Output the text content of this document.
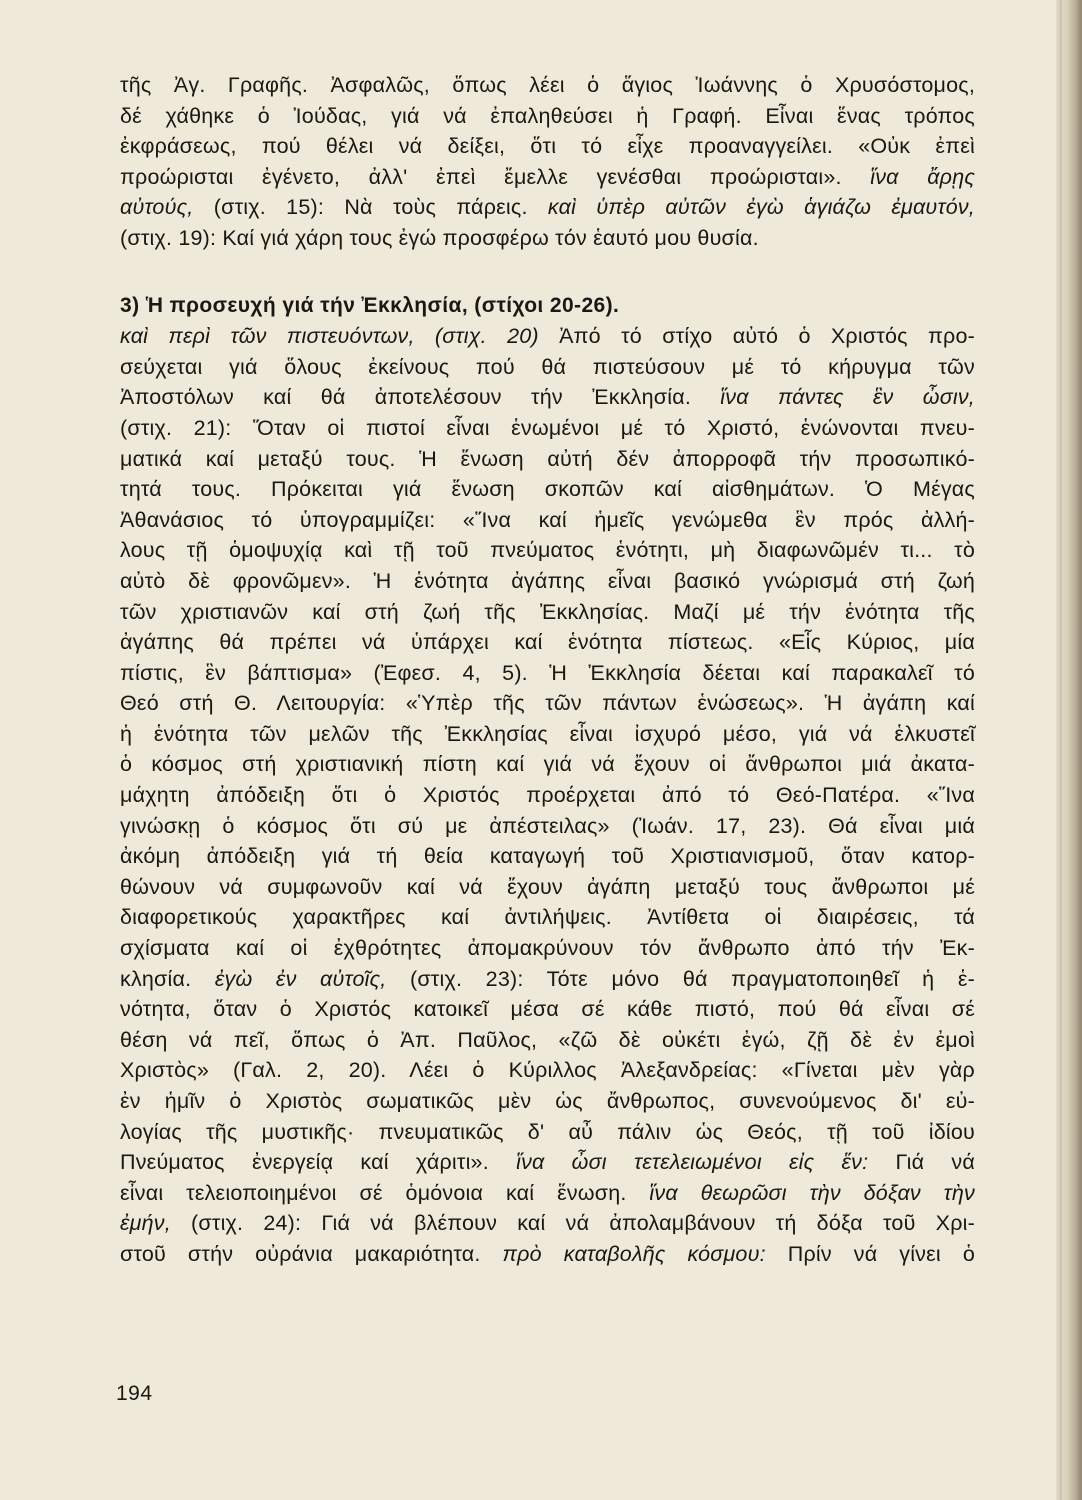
τῆς Ἀγ. Γραφῆς. Ἀσφαλῶς, ὅπως λέει ὁ ἅγιος Ἰωάννης ὁ Χρυσόστομος,
δέ χάθηκε ὁ Ἰούδας, γιά νά ἐπαληθεύσει ἡ Γραφή. Εἶναι ἕνας τρόπος
ἐκφράσεως, πού θέλει νά δείξει, ὅτι τό εἶχε προαναγγείλει. «Οὐκ ἐπεὶ
προώρισται ἐγένετο, ἀλλ' ἐπεὶ ἔμελλε γενέσθαι προώρισται». ἵνα ἄρῃς
αὐτούς, (στιχ. 15): Νὰ τοὺς πάρεις. καὶ ὑπὲρ αὐτῶν ἐγὼ ἁγιάζω ἐμαυτόν,
(στιχ. 19): Καί γιά χάρη τους ἐγώ προσφέρω τόν ἑαυτό μου θυσία.
3) Ἡ προσευχή γιά τήν Ἐκκλησία, (στίχοι 20-26).
καὶ περὶ τῶν πιστευόντων, (στιχ. 20) Ἀπό τό στίχο αὐτό ὁ Χριστός προ-
σεύχεται γιά ὅλους ἐκείνους πού θά πιστεύσουν μέ τό κήρυγμα τῶν
Ἀποστόλων καί θά ἀποτελέσουν τήν Ἐκκλησία. ἵνα πάντες ἓν ὦσιν,
(στιχ. 21): Ὅταν οἱ πιστοί εἶναι ἑνωμένοι μέ τό Χριστό, ἑνώνονται πνευ-
ματικά καί μεταξύ τους. Ἡ ἕνωση αὐτή δέν ἀπορροφᾶ τήν προσωπικό-
τητά τους. Πρόκειται γιά ἕνωση σκοπῶν καί αἰσθημάτων. Ὁ Μέγας
Ἀθανάσιος τό ὑπογραμμίζει: «Ἵνα καί ἡμεῖς γενώμεθα ἓν πρός ἀλλή-
λους τῇ ὁμοψυχίᾳ καὶ τῇ τοῦ πνεύματος ἑνότητι, μὴ διαφωνῶμέν τι... τὸ
αὐτὸ δὲ φρονῶμεν». Ἡ ἑνότητα ἀγάπης εἶναι βασικό γνώρισμά στή ζωή
τῶν χριστιανῶν καί στή ζωή τῆς Ἐκκλησίας. Μαζί μέ τήν ἑνότητα τῆς
ἀγάπης θά πρέπει νά ὑπάρχει καί ἑνότητα πίστεως. «Εἷς Κύριος, μία
πίστις, ἓν βάπτισμα» (Ἐφεσ. 4, 5). Ἡ Ἐκκλησία δέεται καί παρακαλεῖ τό
Θεό στή Θ. Λειτουργία: «Ὑπὲρ τῆς τῶν πάντων ἑνώσεως». Ἡ ἀγάπη καί
ἡ ἑνότητα τῶν μελῶν τῆς Ἐκκλησίας εἶναι ἰσχυρό μέσο, γιά νά ἑλκυστεῖ
ὁ κόσμος στή χριστιανική πίστη καί γιά νά ἔχουν οἱ ἄνθρωποι μιά ἀκατα-
μάχητη ἀπόδειξη ὅτι ὁ Χριστός προέρχεται ἀπό τό Θεό-Πατέρα. «Ἵνα
γινώσκῃ ὁ κόσμος ὅτι σύ με ἀπέστειλας» (Ἰωάν. 17, 23). Θά εἶναι μιά
ἀκόμη ἀπόδειξη γιά τή θεία καταγωγή τοῦ Χριστιανισμοῦ, ὅταν κατορ-
θώνουν νά συμφωνοῦν καί νά ἔχουν ἀγάπη μεταξύ τους ἄνθρωποι μέ
διαφορετικούς χαρακτῆρες καί ἀντιλήψεις. Ἀντίθετα οἱ διαιρέσεις, τά
σχίσματα καί οἱ ἐχθρότητες ἀπομακρύνουν τόν ἄνθρωπο ἀπό τήν Ἐκ-
κλησία. ἐγὼ ἐν αὐτοῖς, (στιχ. 23): Τότε μόνο θά πραγματοποιηθεῖ ἡ ἑ-
νότητα, ὅταν ὁ Χριστός κατοικεῖ μέσα σέ κάθε πιστό, πού θά εἶναι σέ
θέση νά πεῖ, ὅπως ὁ Ἀπ. Παῦλος, «ζῶ δὲ οὐκέτι ἐγώ, ζῇ δὲ ἐν ἐμοὶ
Χριστὸς» (Γαλ. 2, 20). Λέει ὁ Κύριλλος Ἀλεξανδρείας: «Γίνεται μὲν γὰρ
ἐν ἡμῖν ὁ Χριστὸς σωματικῶς μὲν ὡς ἄνθρωπος, συνενούμενος δι' εὐ-
λογίας τῆς μυστικῆς· πνευματικῶς δ' αὖ πάλιν ὡς Θεός, τῇ τοῦ ἰδίου
Πνεύματος ἐνεργείᾳ καί χάριτι». ἵνα ὦσι τετελειωμένοι εἰς ἕν: Γιά νά
εἶναι τελειοποιημένοι σέ ὁμόνοια καί ἕνωση. ἵνα θεωρῶσι τὴν δόξαν τὴν
ἐμήν, (στιχ. 24): Γιά νά βλέπουν καί νά ἀπολαμβάνουν τή δόξα τοῦ Χρι-
στοῦ στήν οὐράνια μακαριότητα. πρὸ καταβολῆς κόσμου: Πρίν νά γίνει ὁ
194
